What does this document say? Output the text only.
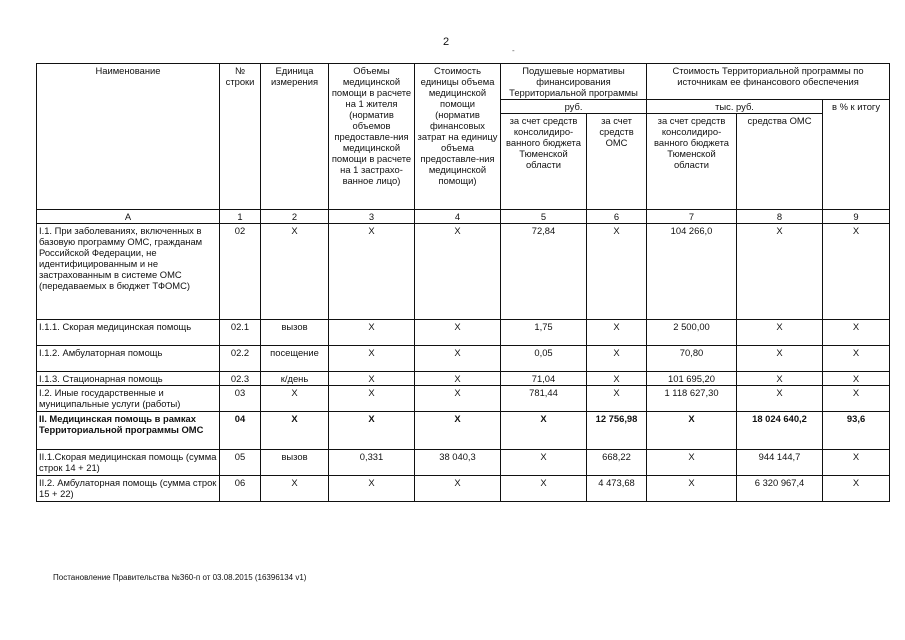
2
-
Наименование	№ строки	Единица измерения	Объемы медицинской помощи в расчете на 1 жителя (норматив объемов предоставле-ния медицинской помощи в расчете на 1 застрахо-ванное лицо)	Стоимость единицы объема медицинской помощи (норматив финансовых затрат на единицу объема предоставле-ния медицинской помощи)	Подушевые нормативы финансирования Территориальной программы		Стоимость Территориальной программы по источникам ее финансового обеспечения		
					руб.		тыс. руб.		в % к итогу
					за счет средств консолидиро-ванного бюджета Тюменской области	за счет средств ОМС	за счет средств консолидиро-ванного бюджета Тюменской области	средства ОМС	
А	1	2	3	4	5	6	7	8	9
I.1. При заболеваниях, включенных в базовую программу ОМС, гражданам Российской Федерации, не идентифицированным и не застрахованным в системе ОМС (передаваемых в бюджет ТФОМС)	02	Х	Х	Х	72,84	Х	104 266,0	Х	Х
I.1.1. Скорая медицинская помощь	02.1	вызов	Х	Х	1,75	Х	2 500,00	Х	Х
I.1.2. Амбулаторная помощь	02.2	посещение	Х	Х	0,05	Х	70,80	Х	Х
I.1.3. Стационарная помощь	02.3	к/день	Х	Х	71,04	Х	101 695,20	Х	Х
I.2. Иные государственные и муниципальные услуги (работы)	03	Х	Х	Х	781,44	Х	1 118 627,30	Х	Х
II. Медицинская помощь в рамках Территориальной программы ОМС	04	Х	Х	Х	Х	12 756,98	Х	18 024 640,2	93,6
II.1.Скорая медицинская помощь (сумма строк 14 + 21)	05	вызов	0,331	38 040,3	Х	668,22	Х	944 144,7	Х
II.2. Амбулаторная помощь (сумма строк 15 + 22)	06	Х	Х	Х	Х	4 473,68	Х	6 320 967,4	Х
Постановление Правительства №360-п от 03.08.2015 (16396134 v1)
